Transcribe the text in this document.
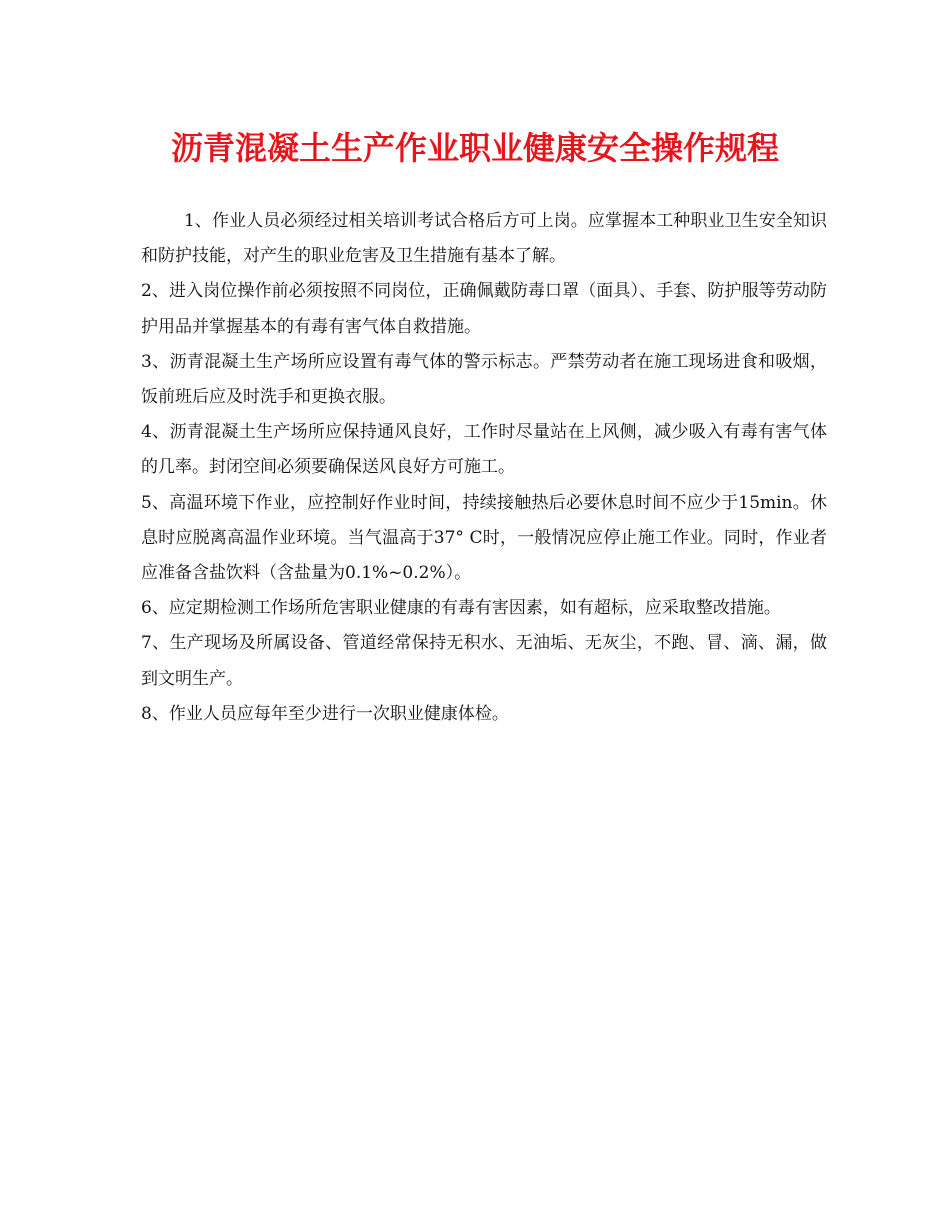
沥青混凝土生产作业职业健康安全操作规程

1、作业人员必须经过相关培训考试合格后方可上岗。应掌握本工种职业卫生安全知识和防护技能，对产生的职业危害及卫生措施有基本了解。

2、进入岗位操作前必须按照不同岗位，正确佩戴防毒口罩（面具）、手套、防护服等劳动防护用品并掌握基本的有毒有害气体自救措施。

3、沥青混凝土生产场所应设置有毒气体的警示标志。严禁劳动者在施工现场进食和吸烟，饭前班后应及时洗手和更换衣服。

4、沥青混凝土生产场所应保持通风良好，工作时尽量站在上风侧，减少吸入有毒有害气体的几率。封闭空间必须要确保送风良好方可施工。

5、高温环境下作业，应控制好作业时间，持续接触热后必要休息时间不应少于15min。休息时应脱离高温作业环境。当气温高于37° C时，一般情况应停止施工作业。同时，作业者应准备含盐饮料（含盐量为0.1%~0.2%）。

6、应定期检测工作场所危害职业健康的有毒有害因素，如有超标，应采取整改措施。

7、生产现场及所属设备、管道经常保持无积水、无油垢、无灰尘，不跑、冒、滴、漏，做到文明生产。

8、作业人员应每年至少进行一次职业健康体检。
